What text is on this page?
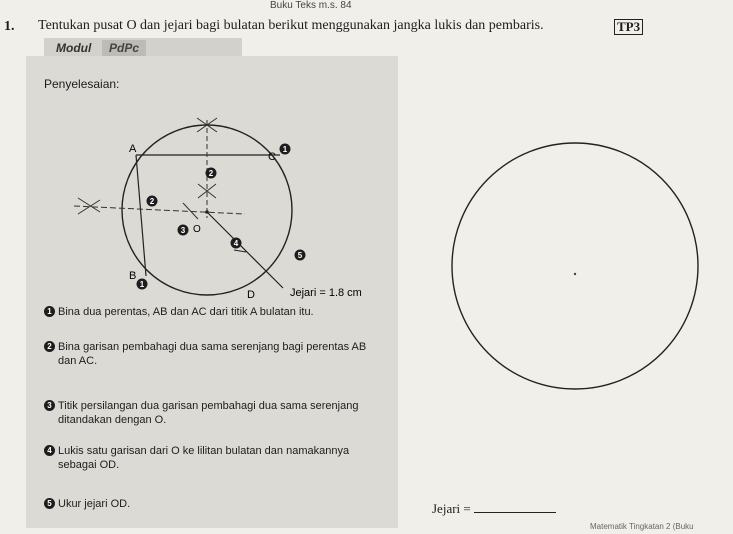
Buku Teks m.s. 84
1. Tentukan pusat O dan jejari bagi bulatan berikut menggunakan jangka lukis dan pembaris.	TP3
Modul	PdPc
Penyelesaian:
A
B
C
D
O
1
1
2
2
3
4
5
Jejari = 1.8 cm
1 Bina dua perentas, AB dan AC dari titik A bulatan itu.
2 Bina garisan pembahagi dua sama serenjang bagi perentas AB dan AC.
3 Titik persilangan dua garisan pembahagi dua sama serenjang ditandakan dengan O.
4 Lukis satu garisan dari O ke lilitan bulatan dan namakannya sebagai OD.
5 Ukur jejari OD.	Jejari =
Matematik Tingkatan 2 (Buku
